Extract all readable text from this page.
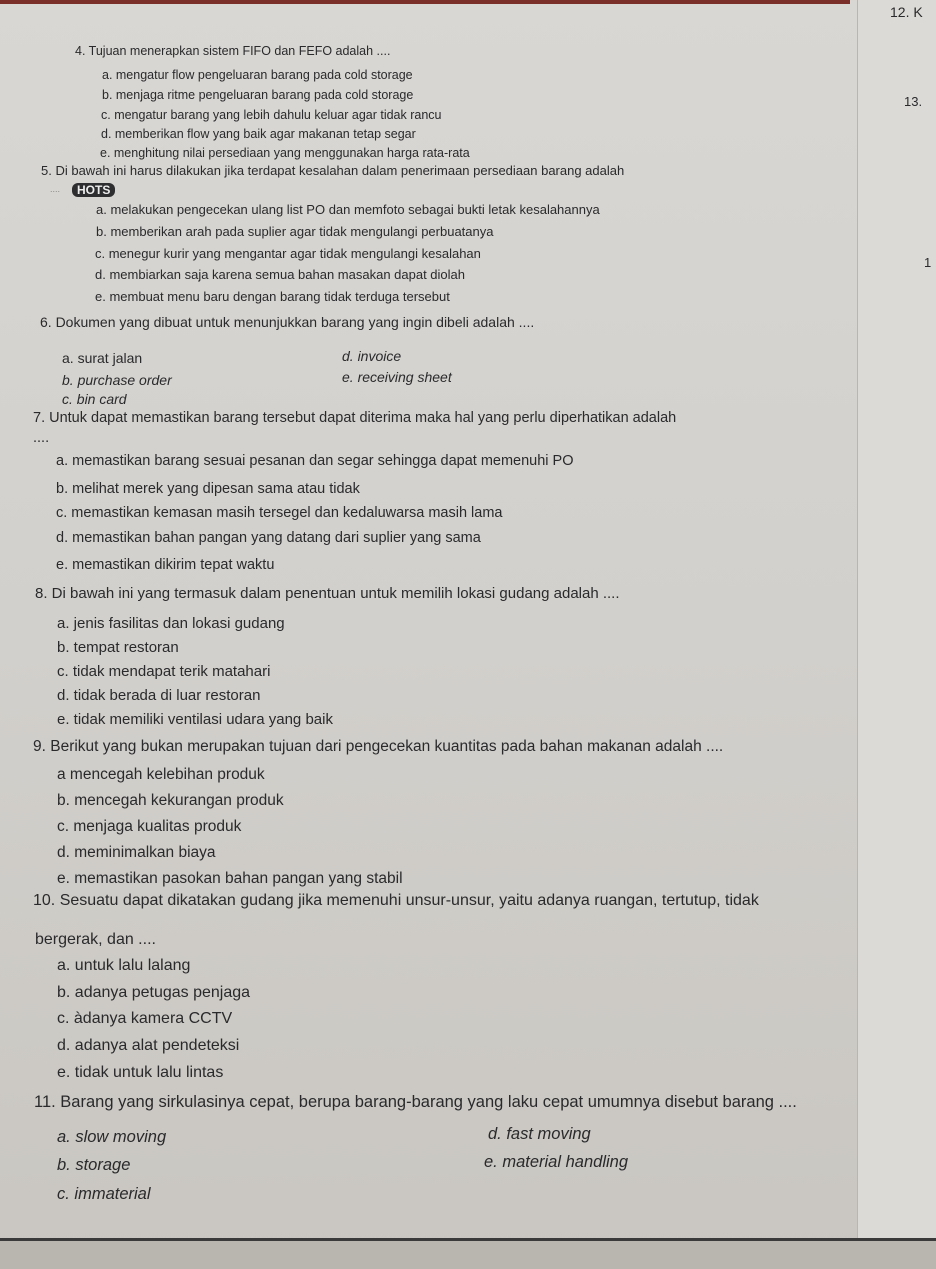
12. K
13.
1
4. Tujuan menerapkan sistem FIFO dan FEFO adalah ....
a. mengatur flow pengeluaran barang pada cold storage
b. menjaga ritme pengeluaran barang pada cold storage
c. mengatur barang yang lebih dahulu keluar agar tidak rancu
d. memberikan flow yang baik agar makanan tetap segar
e. menghitung nilai persediaan yang menggunakan harga rata-rata
5. Di bawah ini harus dilakukan jika terdapat kesalahan dalam penerimaan persediaan barang adalah
....	HOTS
a. melakukan pengecekan ulang list PO dan memfoto sebagai bukti letak kesalahannya
b. memberikan arah pada suplier agar tidak mengulangi perbuatanya
c. menegur kurir yang mengantar agar tidak mengulangi kesalahan
d. membiarkan saja karena semua bahan masakan dapat diolah
e. membuat menu baru dengan barang tidak terduga tersebut
6. Dokumen yang dibuat untuk menunjukkan barang yang ingin dibeli adalah ....
a. surat jalan
b. purchase order
c. bin card
d. invoice
e. receiving sheet
7. Untuk dapat memastikan barang tersebut dapat diterima maka hal yang perlu diperhatikan adalah
....
a. memastikan barang sesuai pesanan dan segar sehingga dapat memenuhi PO
b. melihat merek yang dipesan sama atau tidak
c. memastikan kemasan masih tersegel dan kedaluwarsa masih lama
d. memastikan bahan pangan yang datang dari suplier yang sama
e. memastikan dikirim tepat waktu
8. Di bawah ini yang termasuk dalam penentuan untuk memilih lokasi gudang adalah ....
a. jenis fasilitas dan lokasi gudang
b. tempat restoran
c. tidak mendapat terik matahari
d. tidak berada di luar restoran
e. tidak memiliki ventilasi udara yang baik
9. Berikut yang bukan merupakan tujuan dari pengecekan kuantitas pada bahan makanan adalah ....
a mencegah kelebihan produk
b. mencegah kekurangan produk
c. menjaga kualitas produk
d. meminimalkan biaya
e. memastikan pasokan bahan pangan yang stabil
10. Sesuatu dapat dikatakan gudang jika memenuhi unsur-unsur, yaitu adanya ruangan, tertutup, tidak
bergerak, dan ....
a. untuk lalu lalang
b. adanya petugas penjaga
c. àdanya kamera CCTV
d. adanya alat pendeteksi
e. tidak untuk lalu lintas
11. Barang yang sirkulasinya cepat, berupa barang-barang yang laku cepat umumnya disebut barang ....
a. slow moving
b. storage
c. immaterial
d. fast moving
e. material handling
